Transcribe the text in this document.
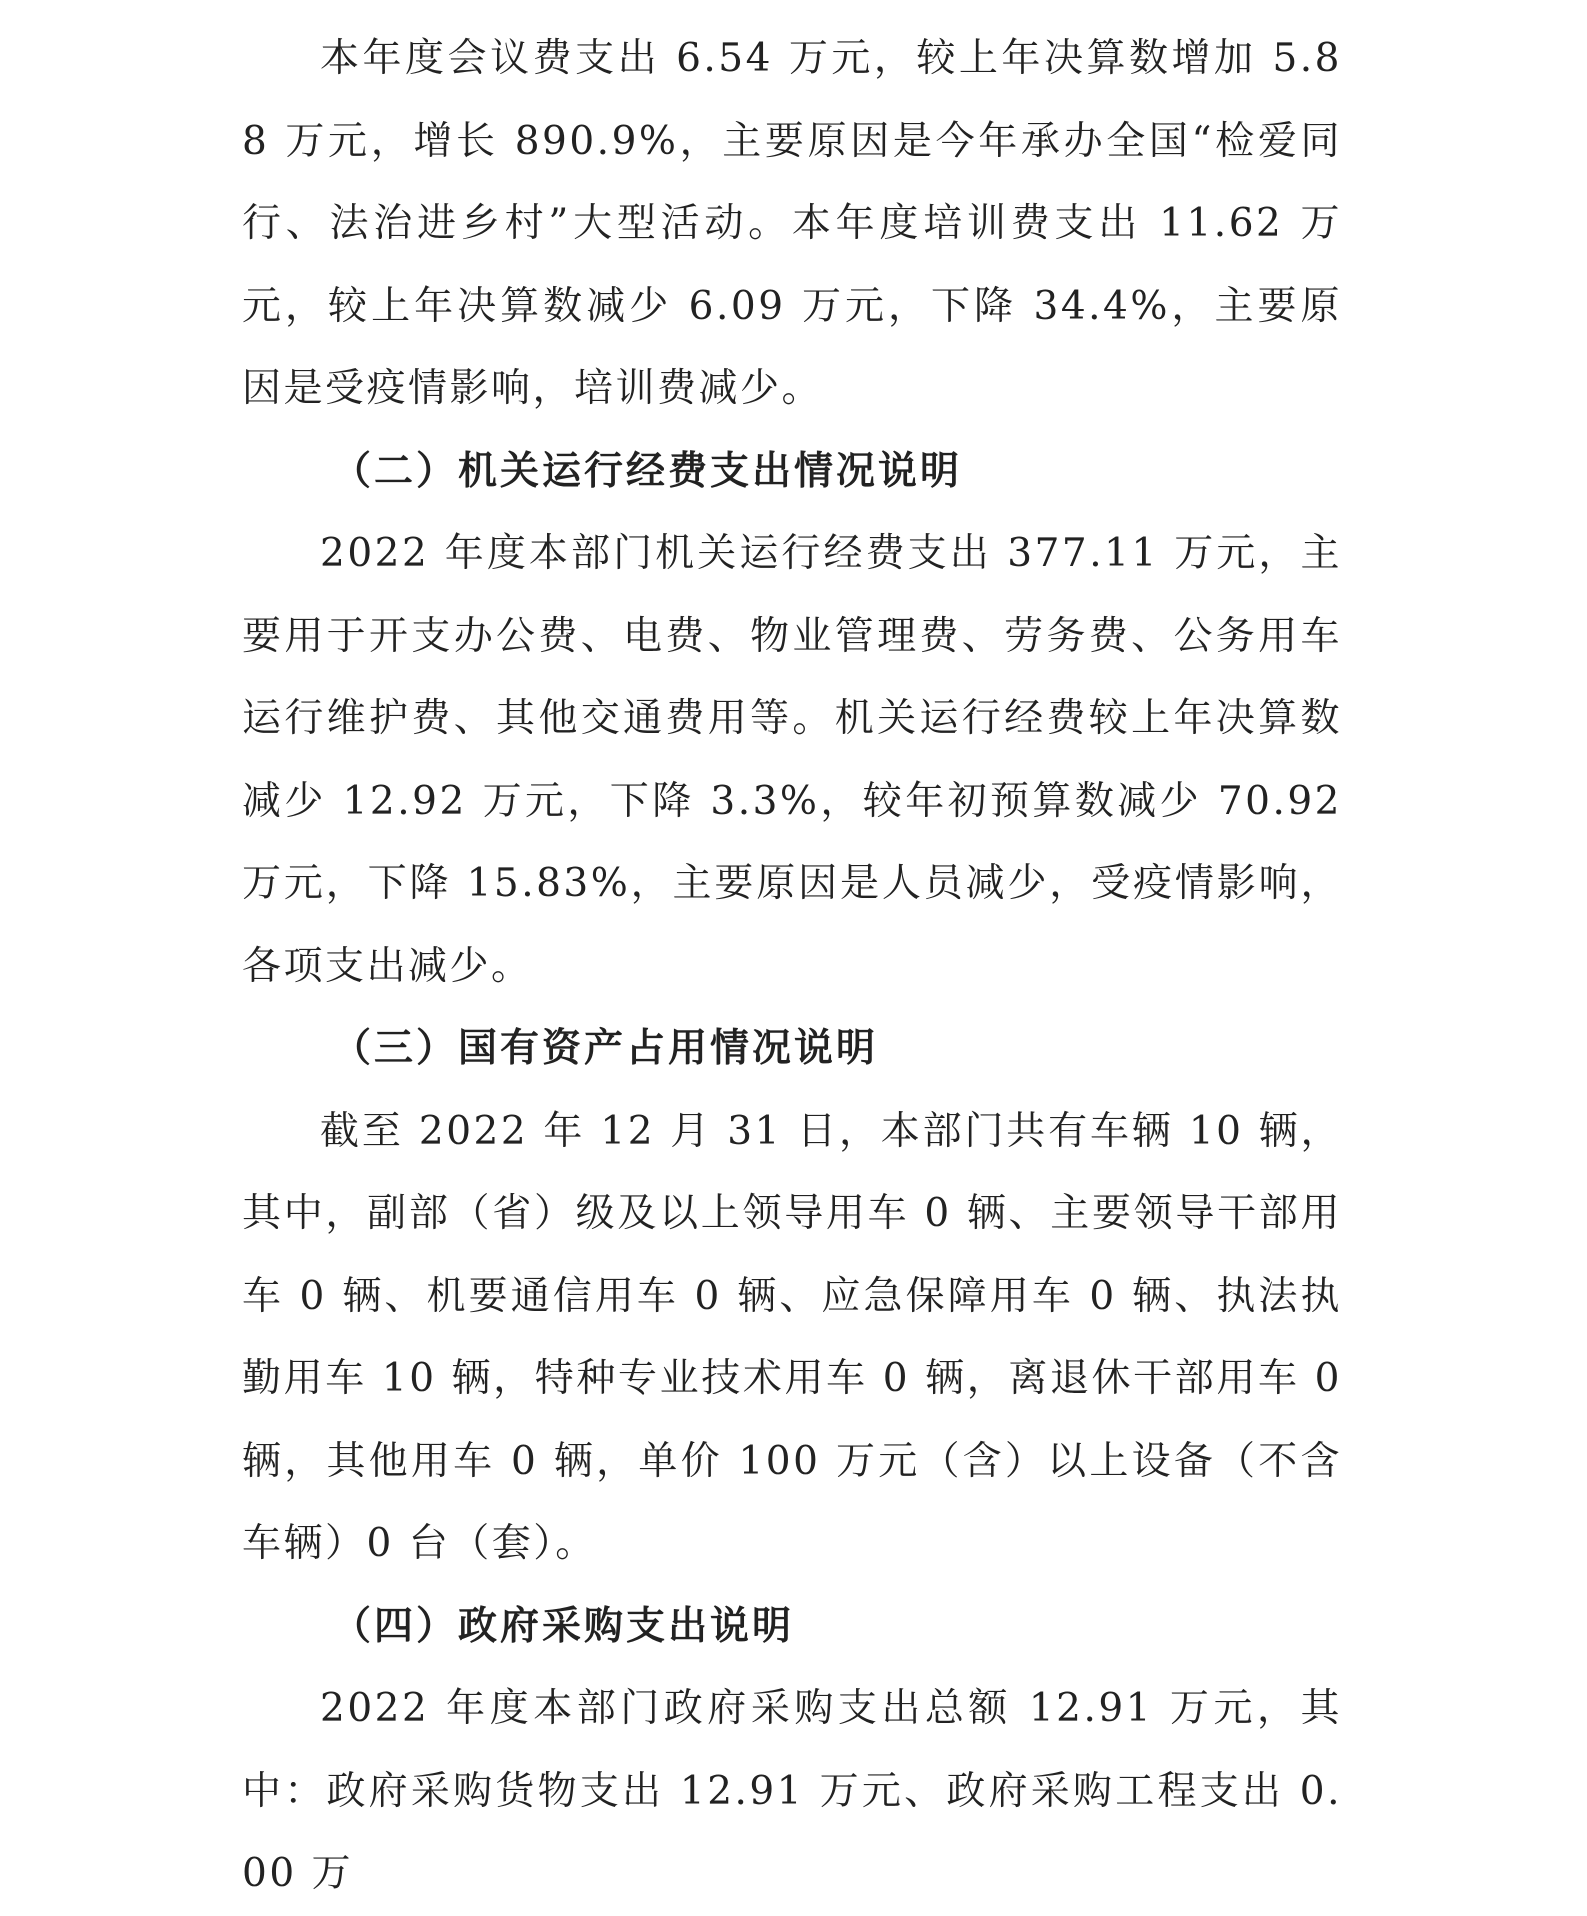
本年度会议费支出 6.54 万元，较上年决算数增加 5.88 万元，增长 890.9%，主要原因是今年承办全国“检爱同行、法治进乡村”大型活动。本年度培训费支出 11.62 万元，较上年决算数减少 6.09 万元，下降 34.4%，主要原因是受疫情影响，培训费减少。

（二）机关运行经费支出情况说明

2022 年度本部门机关运行经费支出 377.11 万元，主要用于开支办公费、电费、物业管理费、劳务费、公务用车运行维护费、其他交通费用等。机关运行经费较上年决算数减少 12.92 万元，下降 3.3%，较年初预算数减少 70.92 万元，下降 15.83%，主要原因是人员减少，受疫情影响，各项支出减少。

（三）国有资产占用情况说明

截至 2022 年 12 月 31 日，本部门共有车辆 10 辆，其中，副部（省）级及以上领导用车 0 辆、主要领导干部用车 0 辆、机要通信用车 0 辆、应急保障用车 0 辆、执法执勤用车 10 辆，特种专业技术用车 0 辆，离退休干部用车 0 辆，其他用车 0 辆，单价 100 万元（含）以上设备（不含车辆）0 台（套）。

（四）政府采购支出说明

2022 年度本部门政府采购支出总额 12.91 万元，其中：政府采购货物支出 12.91 万元、政府采购工程支出 0.00 万
